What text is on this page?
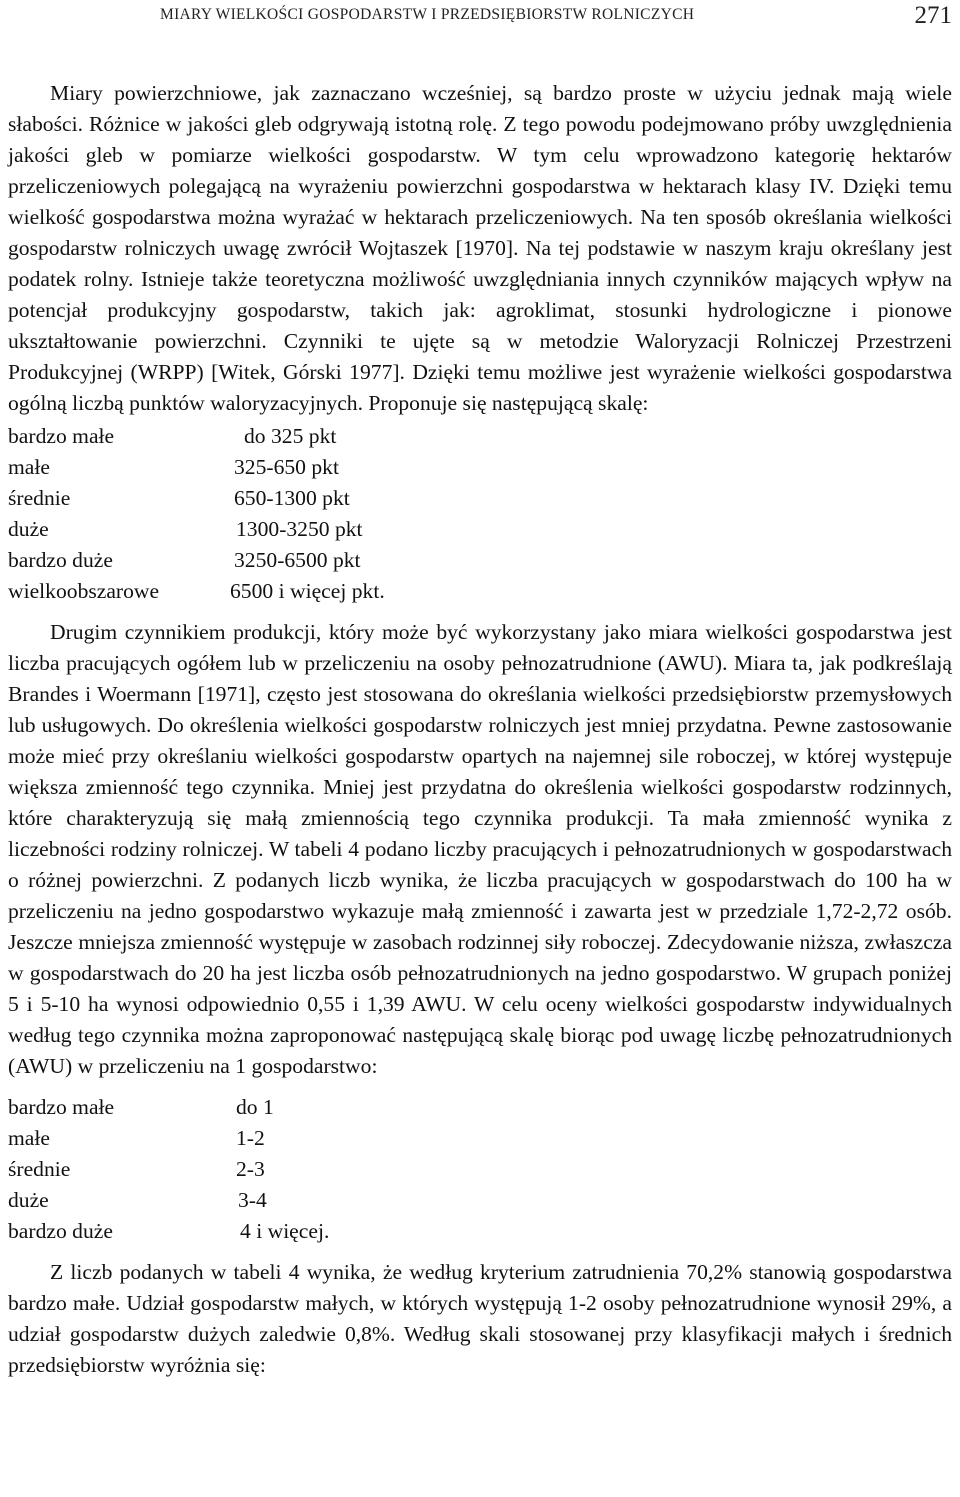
MIARY WIELKOŚCI GOSPODARSTW I PRZEDSIĘBIORSTW ROLNICZYCH	271

Miary powierzchniowe, jak zaznaczano wcześniej, są bardzo proste w użyciu jednak mają wiele słabości. Różnice w jakości gleb odgrywają istotną rolę. Z tego powodu podejmowano próby uwzględnienia jakości gleb w pomiarze wielkości gospodarstw. W tym celu wprowadzono kategorię hektarów przeliczeniowych polegającą na wyrażeniu powierzchni gospodarstwa w hektarach klasy IV. Dzięki temu wielkość gospodarstwa można wyrażać w hektarach przeliczeniowych. Na ten sposób określania wielkości gospodarstw rolniczych uwagę zwrócił Wojtaszek [1970]. Na tej podstawie w naszym kraju określany jest podatek rolny. Istnieje także teoretyczna możliwość uwzględniania innych czynników mających wpływ na potencjał produkcyjny gospodarstw, takich jak: agroklimat, stosunki hydrologiczne i pionowe ukształtowanie powierzchni. Czynniki te ujęte są w metodzie Waloryzacji Rolniczej Przestrzeni Produkcyjnej (WRPP) [Witek, Górski 1977]. Dzięki temu możliwe jest wyrażenie wielkości gospodarstwa ogólną liczbą punktów waloryzacyjnych. Proponuje się następującą skalę:

bardzo małe	do 325 pkt
małe	325-650 pkt
średnie	650-1300 pkt
duże	1300-3250 pkt
bardzo duże	3250-6500 pkt
wielkoobszarowe	6500 i więcej pkt.

Drugim czynnikiem produkcji, który może być wykorzystany jako miara wielkości gospodarstwa jest liczba pracujących ogółem lub w przeliczeniu na osoby pełnozatrudnione (AWU). Miara ta, jak podkreślają Brandes i Woermann [1971], często jest stosowana do określania wielkości przedsiębiorstw przemysłowych lub usługowych. Do określenia wielkości gospodarstw rolniczych jest mniej przydatna. Pewne zastosowanie może mieć przy określaniu wielkości gospodarstw opartych na najemnej sile roboczej, w której występuje większa zmienność tego czynnika. Mniej jest przydatna do określenia wielkości gospodarstw rodzinnych, które charakteryzują się małą zmiennością tego czynnika produkcji. Ta mała zmienność wynika z liczebności rodziny rolniczej. W tabeli 4 podano liczby pracujących i pełnozatrudnionych w gospodarstwach o różnej powierzchni. Z podanych liczb wynika, że liczba pracujących w gospodarstwach do 100 ha w przeliczeniu na jedno gospodarstwo wykazuje małą zmienność i zawarta jest w przedziale 1,72-2,72 osób. Jeszcze mniejsza zmienność występuje w zasobach rodzinnej siły roboczej. Zdecydowanie niższa, zwłaszcza w gospodarstwach do 20 ha jest liczba osób pełnozatrudnionych na jedno gospodarstwo. W grupach poniżej 5 i 5-10 ha wynosi odpowiednio 0,55 i 1,39 AWU. W celu oceny wielkości gospodarstw indywidualnych według tego czynnika można zaproponować następującą skalę biorąc pod uwagę liczbę pełnozatrudnionych (AWU) w przeliczeniu na 1 gospodarstwo:

bardzo małe	do 1
małe	1-2
średnie	2-3
duże	3-4
bardzo duże	4 i więcej.

Z liczb podanych w tabeli 4 wynika, że według kryterium zatrudnienia 70,2% stanowią gospodarstwa bardzo małe. Udział gospodarstw małych, w których występują 1-2 osoby pełnozatrudnione wynosił 29%, a udział gospodarstw dużych zaledwie 0,8%. Według skali stosowanej przy klasyfikacji małych i średnich przedsiębiorstw wyróżnia się:
